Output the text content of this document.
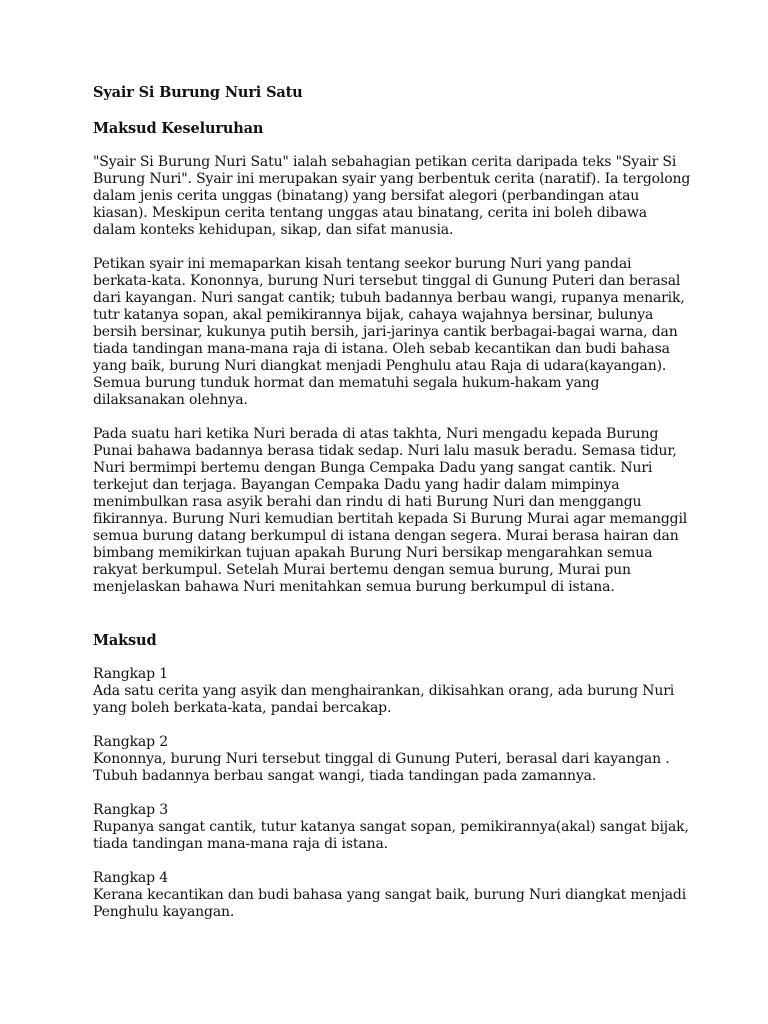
Syair Si Burung Nuri Satu
Maksud Keseluruhan

"Syair Si Burung Nuri Satu" ialah sebahagian petikan cerita daripada teks "Syair Si
Burung Nuri". Syair ini merupakan syair yang berbentuk cerita (naratif). Ia tergolong
dalam jenis cerita unggas (binatang) yang bersifat alegori (perbandingan atau
kiasan). Meskipun cerita tentang unggas atau binatang, cerita ini boleh dibawa
dalam konteks kehidupan, sikap, dan sifat manusia.

Petikan syair ini memaparkan kisah tentang seekor burung Nuri yang pandai
berkata-kata. Kononnya, burung Nuri tersebut tinggal di Gunung Puteri dan berasal
dari kayangan. Nuri sangat cantik; tubuh badannya berbau wangi, rupanya menarik,
tutr katanya sopan, akal pemikirannya bijak, cahaya wajahnya bersinar, bulunya
bersih bersinar, kukunya putih bersih, jari-jarinya cantik berbagai-bagai warna, dan
tiada tandingan mana-mana raja di istana. Oleh sebab kecantikan dan budi bahasa
yang baik, burung Nuri diangkat menjadi Penghulu atau Raja di udara(kayangan).
Semua burung tunduk hormat dan mematuhi segala hukum-hakam yang
dilaksanakan olehnya.

Pada suatu hari ketika Nuri berada di atas takhta, Nuri mengadu kepada Burung
Punai bahawa badannya berasa tidak sedap. Nuri lalu masuk beradu. Semasa tidur,
Nuri bermimpi bertemu dengan Bunga Cempaka Dadu yang sangat cantik. Nuri
terkejut dan terjaga. Bayangan Cempaka Dadu yang hadir dalam mimpinya
menimbulkan rasa asyik berahi dan rindu di hati Burung Nuri dan menggangu
fikirannya. Burung Nuri kemudian bertitah kepada Si Burung Murai agar memanggil
semua burung datang berkumpul di istana dengan segera. Murai berasa hairan dan
bimbang memikirkan tujuan apakah Burung Nuri bersikap mengarahkan semua
rakyat berkumpul. Setelah Murai bertemu dengan semua burung, Murai pun
menjelaskan bahawa Nuri menitahkan semua burung berkumpul di istana.

Maksud
Rangkap 1
Ada satu cerita yang asyik dan menghairankan, dikisahkan orang, ada burung Nuri
yang boleh berkata-kata, pandai bercakap.
Rangkap 2
Kononnya, burung Nuri tersebut tinggal di Gunung Puteri, berasal dari kayangan .
Tubuh badannya berbau sangat wangi, tiada tandingan pada zamannya.
Rangkap 3
Rupanya sangat cantik, tutur katanya sangat sopan, pemikirannya(akal) sangat bijak,
tiada tandingan mana-mana raja di istana.
Rangkap 4
Kerana kecantikan dan budi bahasa yang sangat baik, burung Nuri diangkat menjadi
Penghulu kayangan.
